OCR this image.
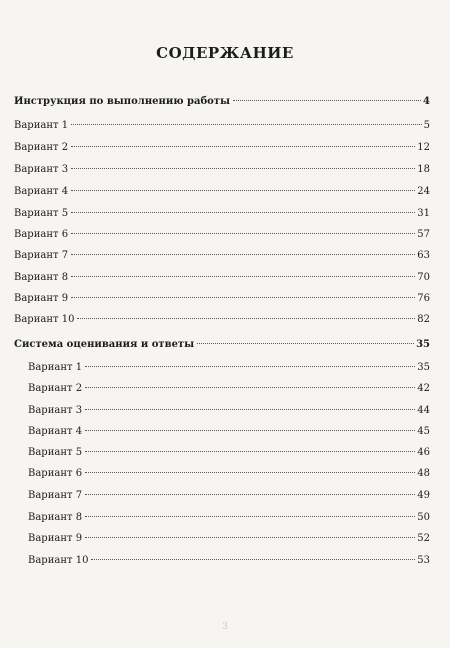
СОДЕРЖАНИЕ
Инструкция по выполнению работы	4
Вариант 1	5
Вариант 2	12
Вариант 3	18
Вариант 4	24
Вариант 5	31
Вариант 6	57
Вариант 7	63
Вариант 8	70
Вариант 9	76
Вариант 10	82
Система оценивания и ответы	35
Вариант 1	35
Вариант 2	42
Вариант 3	44
Вариант 4	45
Вариант 5	46
Вариант 6	48
Вариант 7	49
Вариант 8	50
Вариант 9	52
Вариант 10	53
3
